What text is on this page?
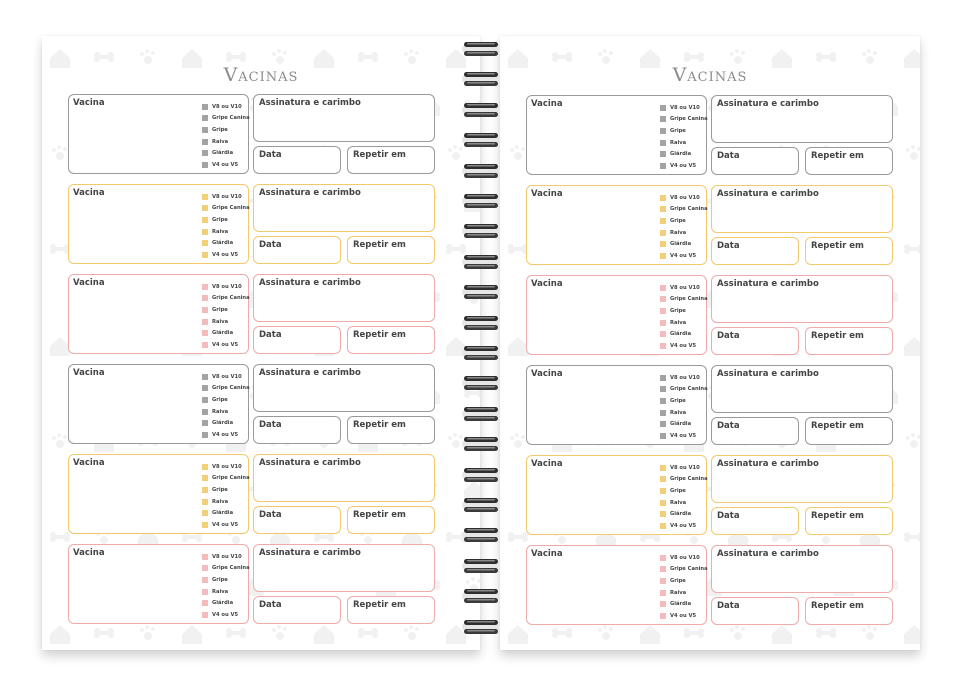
Vacinas
Vacina	V8 ou V10
Gripe Canina
Gripe
Raiva
Giárdia
V4 ou V5
Assinatura e carimbo
Data	Repetir em
Vacina	V8 ou V10
Gripe Canina
Gripe
Raiva
Giárdia
V4 ou V5
Assinatura e carimbo
Data	Repetir em
Vacina	V8 ou V10
Gripe Canina
Gripe
Raiva
Giárdia
V4 ou V5
Assinatura e carimbo
Data	Repetir em
Vacina	V8 ou V10
Gripe Canina
Gripe
Raiva
Giárdia
V4 ou V5
Assinatura e carimbo
Data	Repetir em
Vacina	V8 ou V10
Gripe Canina
Gripe
Raiva
Giárdia
V4 ou V5
Assinatura e carimbo
Data	Repetir em
Vacina	V8 ou V10
Gripe Canina
Gripe
Raiva
Giárdia
V4 ou V5
Assinatura e carimbo
Data	Repetir em
Vacinas
Vacina	V8 ou V10
Gripe Canina
Gripe
Raiva
Giárdia
V4 ou V5
Assinatura e carimbo
Data	Repetir em
Vacina	V8 ou V10
Gripe Canina
Gripe
Raiva
Giárdia
V4 ou V5
Assinatura e carimbo
Data	Repetir em
Vacina	V8 ou V10
Gripe Canina
Gripe
Raiva
Giárdia
V4 ou V5
Assinatura e carimbo
Data	Repetir em
Vacina	V8 ou V10
Gripe Canina
Gripe
Raiva
Giárdia
V4 ou V5
Assinatura e carimbo
Data	Repetir em
Vacina	V8 ou V10
Gripe Canina
Gripe
Raiva
Giárdia
V4 ou V5
Assinatura e carimbo
Data	Repetir em
Vacina	V8 ou V10
Gripe Canina
Gripe
Raiva
Giárdia
V4 ou V5
Assinatura e carimbo
Data	Repetir em
